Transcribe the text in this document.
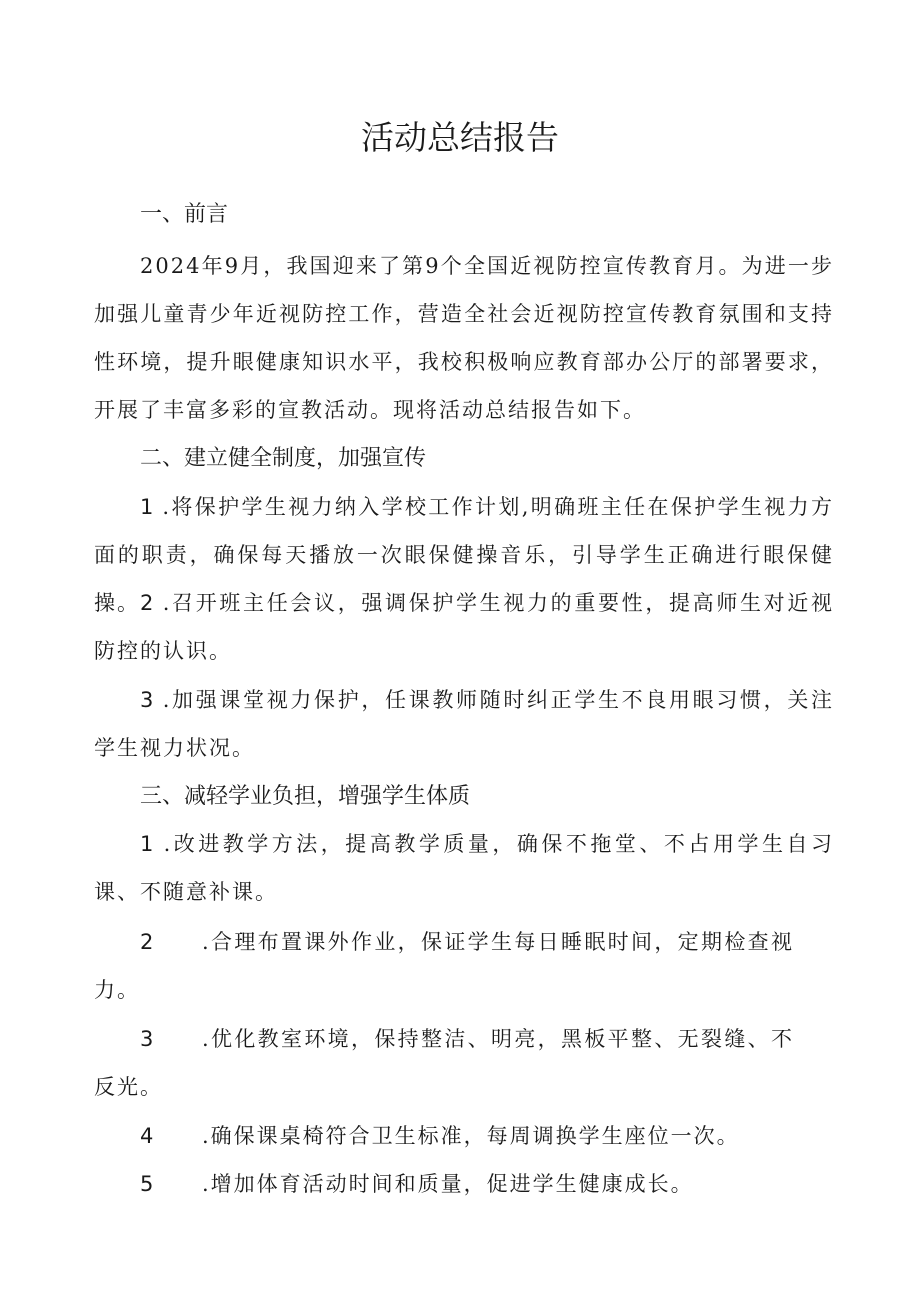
活动总结报告
一、前言

2024年9月，我国迎来了第9个全国近视防控宣传教育月。为进一步加强儿童青少年近视防控工作，营造全社会近视防控宣传教育氛围和支持性环境，提升眼健康知识水平，我校积极响应教育部办公厅的部署要求，开展了丰富多彩的宣教活动。现将活动总结报告如下。

二、建立健全制度，加强宣传

1 .将保护学生视力纳入学校工作计划,明确班主任在保护学生视力方面的职责，确保每天播放一次眼保健操音乐，引导学生正确进行眼保健操。 2 .召开班主任会议，强调保护学生视力的重要性，提高师生对近视防控的认识。

3 .加强课堂视力保护，任课教师随时纠正学生不良用眼习惯，关注学生视力状况。

三、减轻学业负担，增强学生体质

1 .改进教学方法，提高教学质量，确保不拖堂、不占用学生自习课、不随意补课。

2 .合理布置课外作业，保证学生每日睡眠时间，定期检查视力。

3 .优化教室环境，保持整洁、明亮，黑板平整、无裂缝、不反光。

4 .确保课桌椅符合卫生标准，每周调换学生座位一次。

5 .增加体育活动时间和质量，促进学生健康成长。
